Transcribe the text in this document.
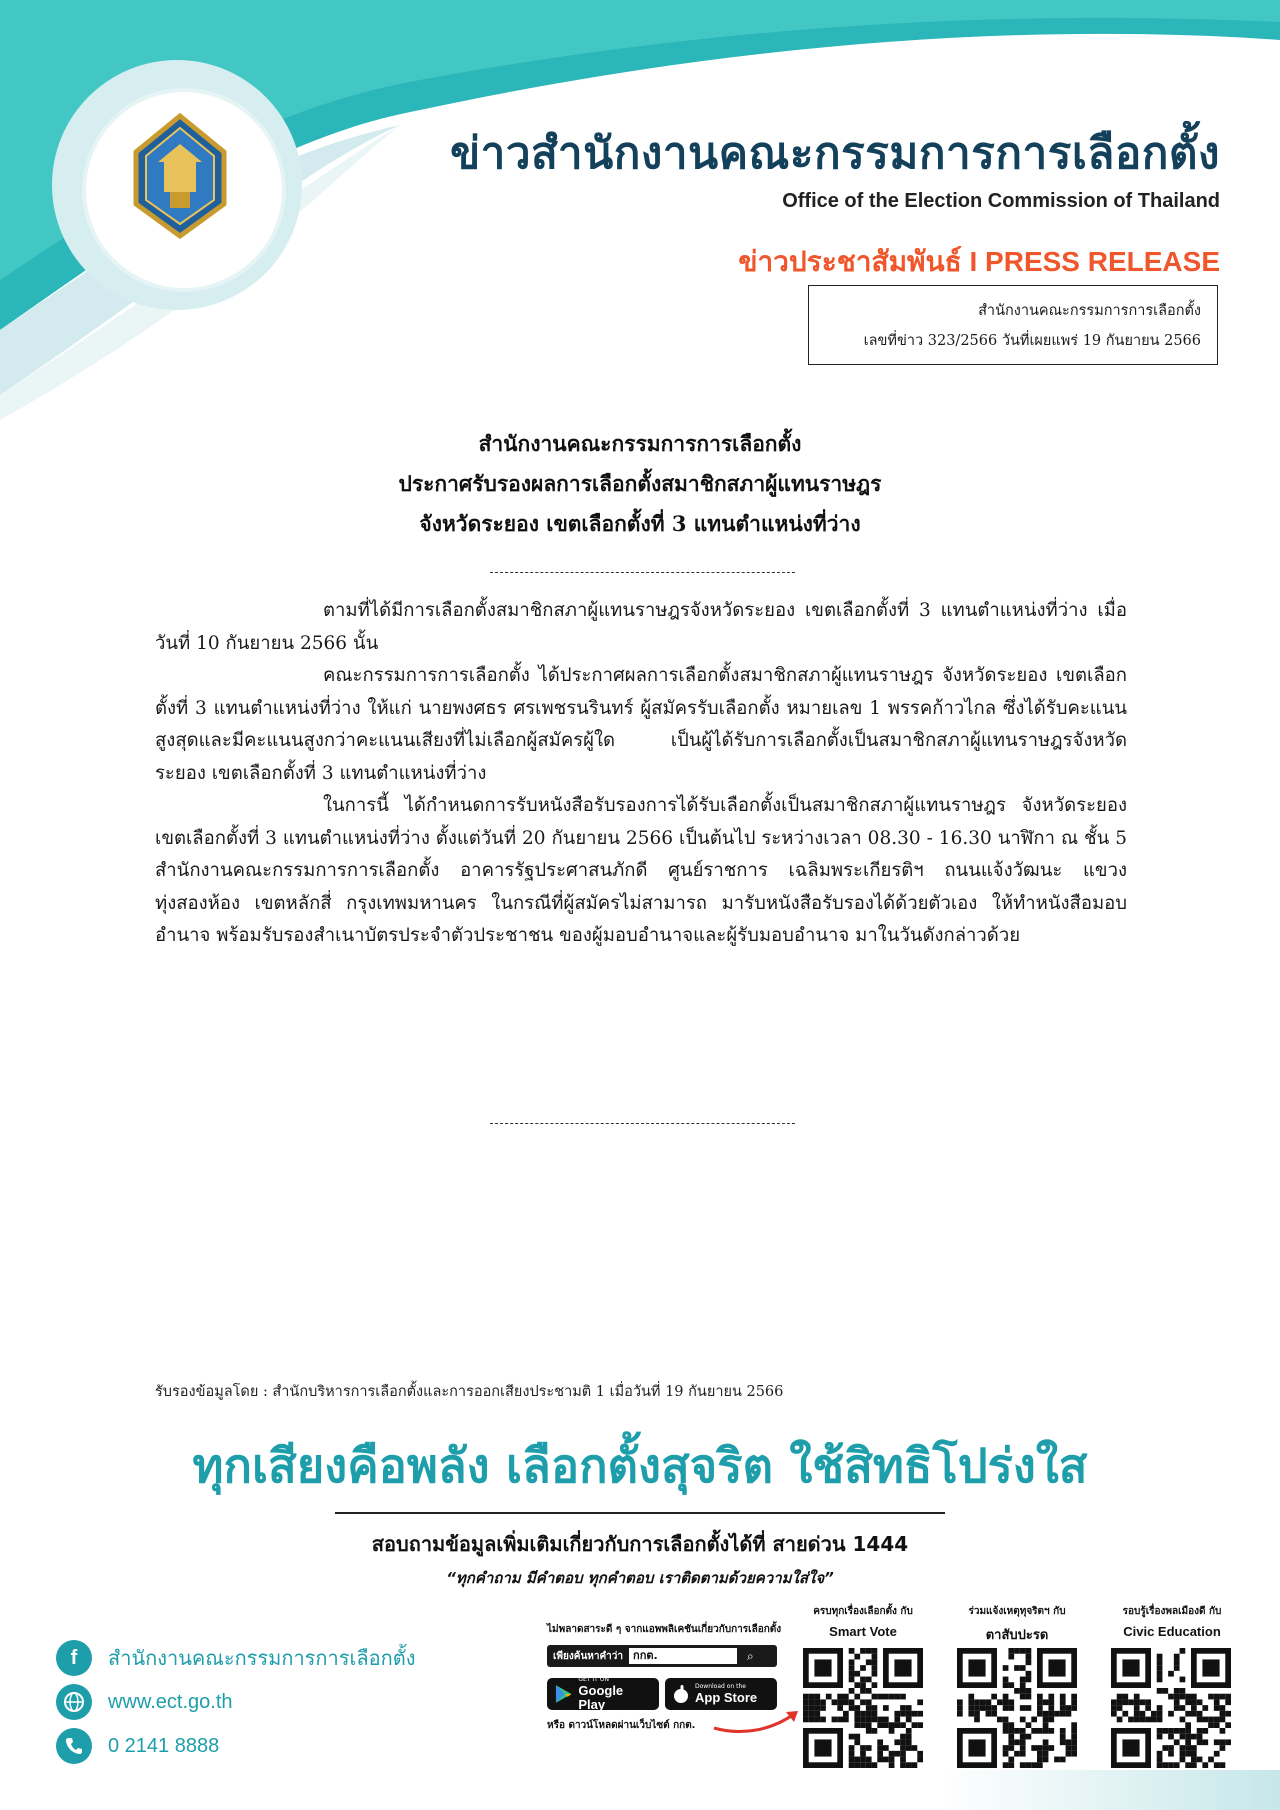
ข่าวสำนักงานคณะกรรมการการเลือกตั้ง
Office of the Election Commission of Thailand
ข่าวประชาสัมพันธ์ I PRESS RELEASE
สำนักงานคณะกรรมการการเลือกตั้ง
เลขที่ข่าว 323/2566 วันที่เผยแพร่ 19 กันยายน 2566
สำนักงานคณะกรรมการการเลือกตั้ง
ประกาศรับรองผลการเลือกตั้งสมาชิกสภาผู้แทนราษฎร
จังหวัดระยอง เขตเลือกตั้งที่ 3 แทนตำแหน่งที่ว่าง

ตามที่ได้มีการเลือกตั้งสมาชิกสภาผู้แทนราษฎรจังหวัดระยอง เขตเลือกตั้งที่ 3 แทนตำแหน่งที่ว่าง เมื่อวันที่ 10 กันยายน 2566 นั้น

คณะกรรมการการเลือกตั้ง ได้ประกาศผลการเลือกตั้งสมาชิกสภาผู้แทนราษฎร จังหวัดระยอง เขตเลือกตั้งที่ 3 แทนตำแหน่งที่ว่าง ให้แก่ นายพงศธร ศรเพชรนรินทร์ ผู้สมัครรับเลือกตั้ง หมายเลข 1 พรรคก้าวไกล ซึ่งได้รับคะแนนสูงสุดและมีคะแนนสูงกว่าคะแนนเสียงที่ไม่เลือกผู้สมัครผู้ใด เป็นผู้ได้รับการเลือกตั้งเป็นสมาชิกสภาผู้แทนราษฎรจังหวัดระยอง เขตเลือกตั้งที่ 3 แทนตำแหน่งที่ว่าง

ในการนี้ ได้กำหนดการรับหนังสือรับรองการได้รับเลือกตั้งเป็นสมาชิกสภาผู้แทนราษฎร จังหวัดระยอง เขตเลือกตั้งที่ 3 แทนตำแหน่งที่ว่าง ตั้งแต่วันที่ 20 กันยายน 2566 เป็นต้นไป ระหว่างเวลา 08.30 - 16.30 นาฬิกา ณ ชั้น 5 สำนักงานคณะกรรมการการเลือกตั้ง อาคารรัฐประศาสนภักดี ศูนย์ราชการ เฉลิมพระเกียรติฯ ถนนแจ้งวัฒนะ แขวงทุ่งสองห้อง เขตหลักสี่ กรุงเทพมหานคร ในกรณีที่ผู้สมัครไม่สามารถ มารับหนังสือรับรองได้ด้วยตัวเอง ให้ทำหนังสือมอบอำนาจ พร้อมรับรองสำเนาบัตรประจำตัวประชาชน ของผู้มอบอำนาจและผู้รับมอบอำนาจ มาในวันดังกล่าวด้วย

รับรองข้อมูลโดย : สำนักบริหารการเลือกตั้งและการออกเสียงประชามติ 1 เมื่อวันที่ 19 กันยายน 2566
ทุกเสียงคือพลัง เลือกตั้งสุจริต ใช้สิทธิโปร่งใส
สอบถามข้อมูลเพิ่มเติมเกี่ยวกับการเลือกตั้งได้ที่ สายด่วน 1444
“ทุกคำถาม มีคำตอบ ทุกคำตอบ เราติดตามด้วยความใส่ใจ”
f	สำนักงานคณะกรรมการการเลือกตั้ง
www.ect.go.th
0 2141 8888
ไม่พลาดสาระดี ๆ จากแอพพลิเคชันเกี่ยวกับการเลือกตั้ง
เพียงค้นหาคำว่า กกต.	⌕
GET IT ON
Google Play
Download on the
App Store
หรือ ดาวน์โหลดผ่านเว็บไซต์ กกต.
ครบทุกเรื่องเลือกตั้ง กับ
Smart Vote
ร่วมแจ้งเหตุทุจริตฯ กับ
ตาสับปะรด
รอบรู้เรื่องพลเมืองดี กับ
Civic Education
